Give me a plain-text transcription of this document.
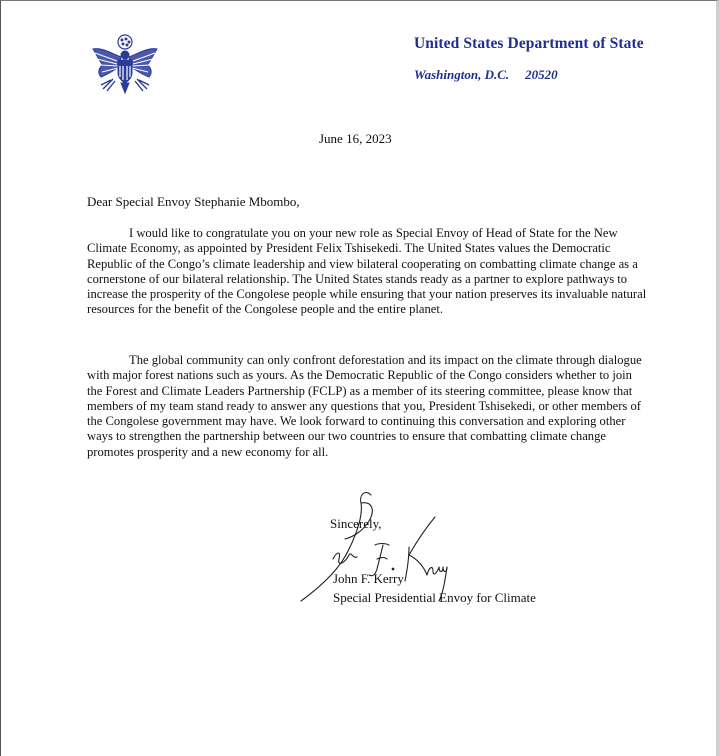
United States Department of State
Washington, D.C. 20520
June 16, 2023
Dear Special Envoy Stephanie Mbombo,

I would like to congratulate you on your new role as Special Envoy of Head of State for the New Climate Economy, as appointed by President Felix Tshisekedi. The United States values the Democratic Republic of the Congo’s climate leadership and view bilateral cooperating on combatting climate change as a cornerstone of our bilateral relationship. The United States stands ready as a partner to explore pathways to increase the prosperity of the Congolese people while ensuring that your nation preserves its invaluable natural resources for the benefit of the Congolese people and the entire planet.

The global community can only confront deforestation and its impact on the climate through dialogue with major forest nations such as yours. As the Democratic Republic of the Congo considers whether to join the Forest and Climate Leaders Partnership (FCLP) as a member of its steering committee, please know that members of my team stand ready to answer any questions that you, President Tshisekedi, or other members of the Congolese government may have. We look forward to continuing this conversation and exploring other ways to strengthen the partnership between our two countries to ensure that combatting climate change promotes prosperity and a new economy for all.

Sincerely,
John F. Kerry
Special Presidential Envoy for Climate
